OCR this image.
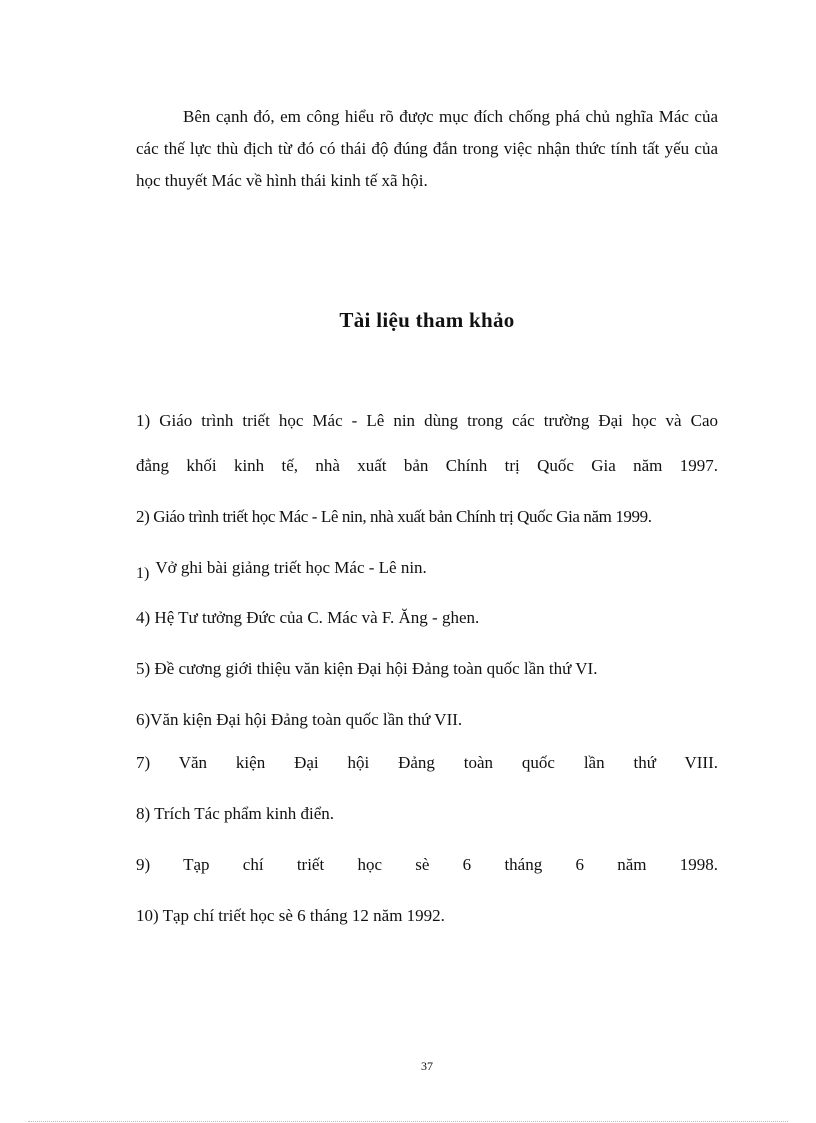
Bên cạnh đó, em công hiểu rõ được mục đích chống phá chủ nghĩa Mác của các thế lực thù địch từ đó có thái độ đúng đắn trong việc nhận thức tính tất yếu của học thuyết Mác về hình thái kinh tế xã hội.

Tài liệu tham khảo

1) Giáo trình triết học Mác - Lê nin dùng trong các trường Đại học và Cao

đẳng khối kinh tế, nhà xuất bản Chính trị Quốc Gia năm 1997.

2) Giáo trình triết học Mác - Lê nin, nhà xuất bản Chính trị Quốc Gia năm 1999.

1) Vở ghi bài giảng triết học Mác - Lê nin.

4) Hệ Tư tưởng Đức của C. Mác và F. Ăng - ghen.

5) Đề cương giới thiệu văn kiện Đại hội Đảng toàn quốc lần thứ VI.

6)Văn kiện Đại hội Đảng toàn quốc lần thứ VII.

7) Văn kiện Đại hội Đảng toàn quốc lần thứ VIII.

8) Trích Tác phẩm kinh điển.

9) Tạp chí triết học sè 6 tháng 6 năm 1998.

10) Tạp chí triết học sè 6 tháng 12 năm 1992.

37
